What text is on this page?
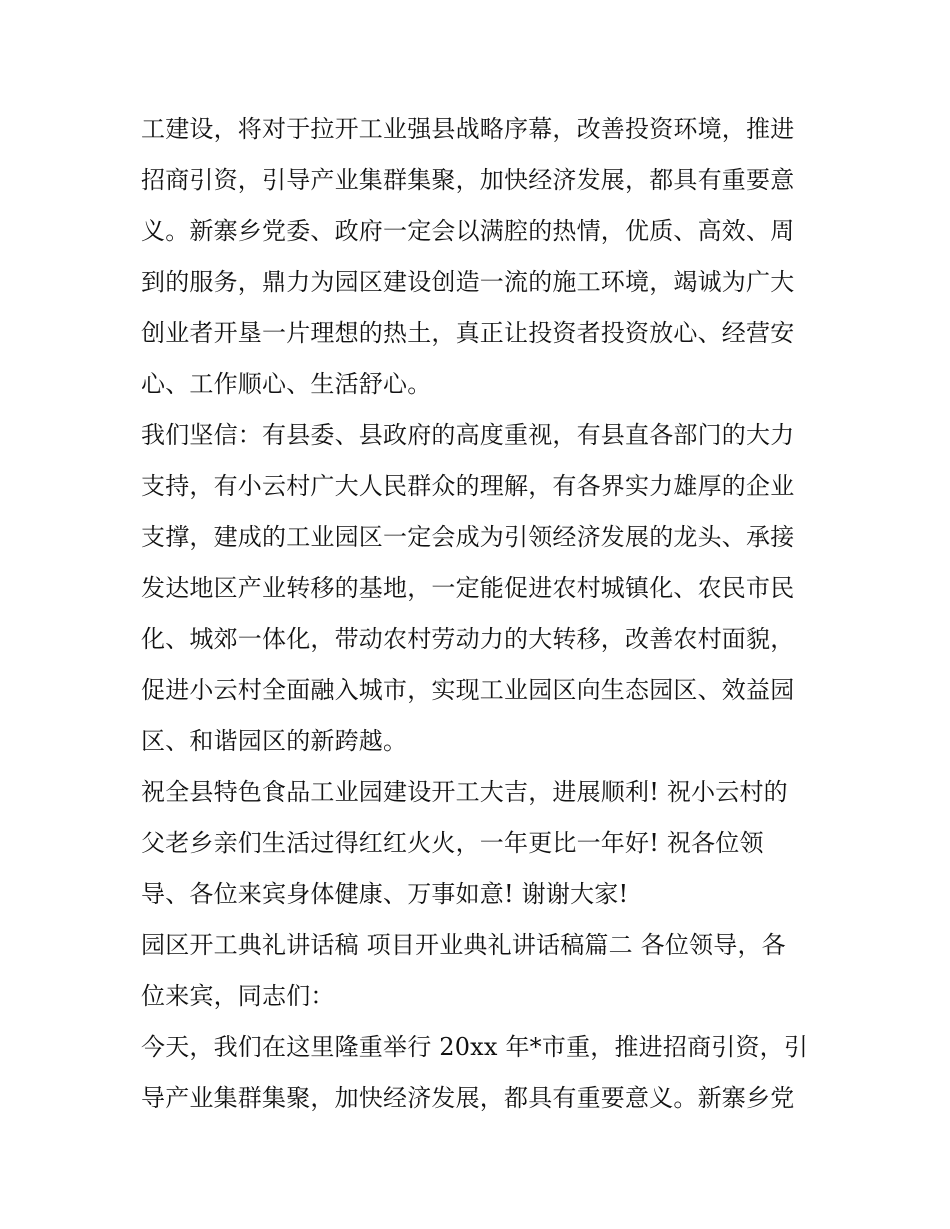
工建设，将对于拉开工业强县战略序幕，改善投资环境，推进
招商引资，引导产业集群集聚，加快经济发展，都具有重要意
义。新寨乡党委、政府一定会以满腔的热情，优质、高效、周
到的服务，鼎力为园区建设创造一流的施工环境，竭诚为广大
创业者开垦一片理想的热土，真正让投资者投资放心、经营安
心、工作顺心、生活舒心。
我们坚信：有县委、县政府的高度重视，有县直各部门的大力
支持，有小云村广大人民群众的理解，有各界实力雄厚的企业
支撑，建成的工业园区一定会成为引领经济发展的龙头、承接
发达地区产业转移的基地，一定能促进农村城镇化、农民市民
化、城郊一体化，带动农村劳动力的大转移，改善农村面貌，
促进小云村全面融入城市，实现工业园区向生态园区、效益园
区、和谐园区的新跨越。
祝全县特色食品工业园建设开工大吉，进展顺利! 祝小云村的
父老乡亲们生活过得红红火火，一年更比一年好! 祝各位领
导、各位来宾身体健康、万事如意! 谢谢大家!
园区开工典礼讲话稿 项目开业典礼讲话稿篇二 各位领导，各
位来宾，同志们：
今天，我们在这里隆重举行 20xx 年*市重，推进招商引资，引
导产业集群集聚，加快经济发展，都具有重要意义。新寨乡党
